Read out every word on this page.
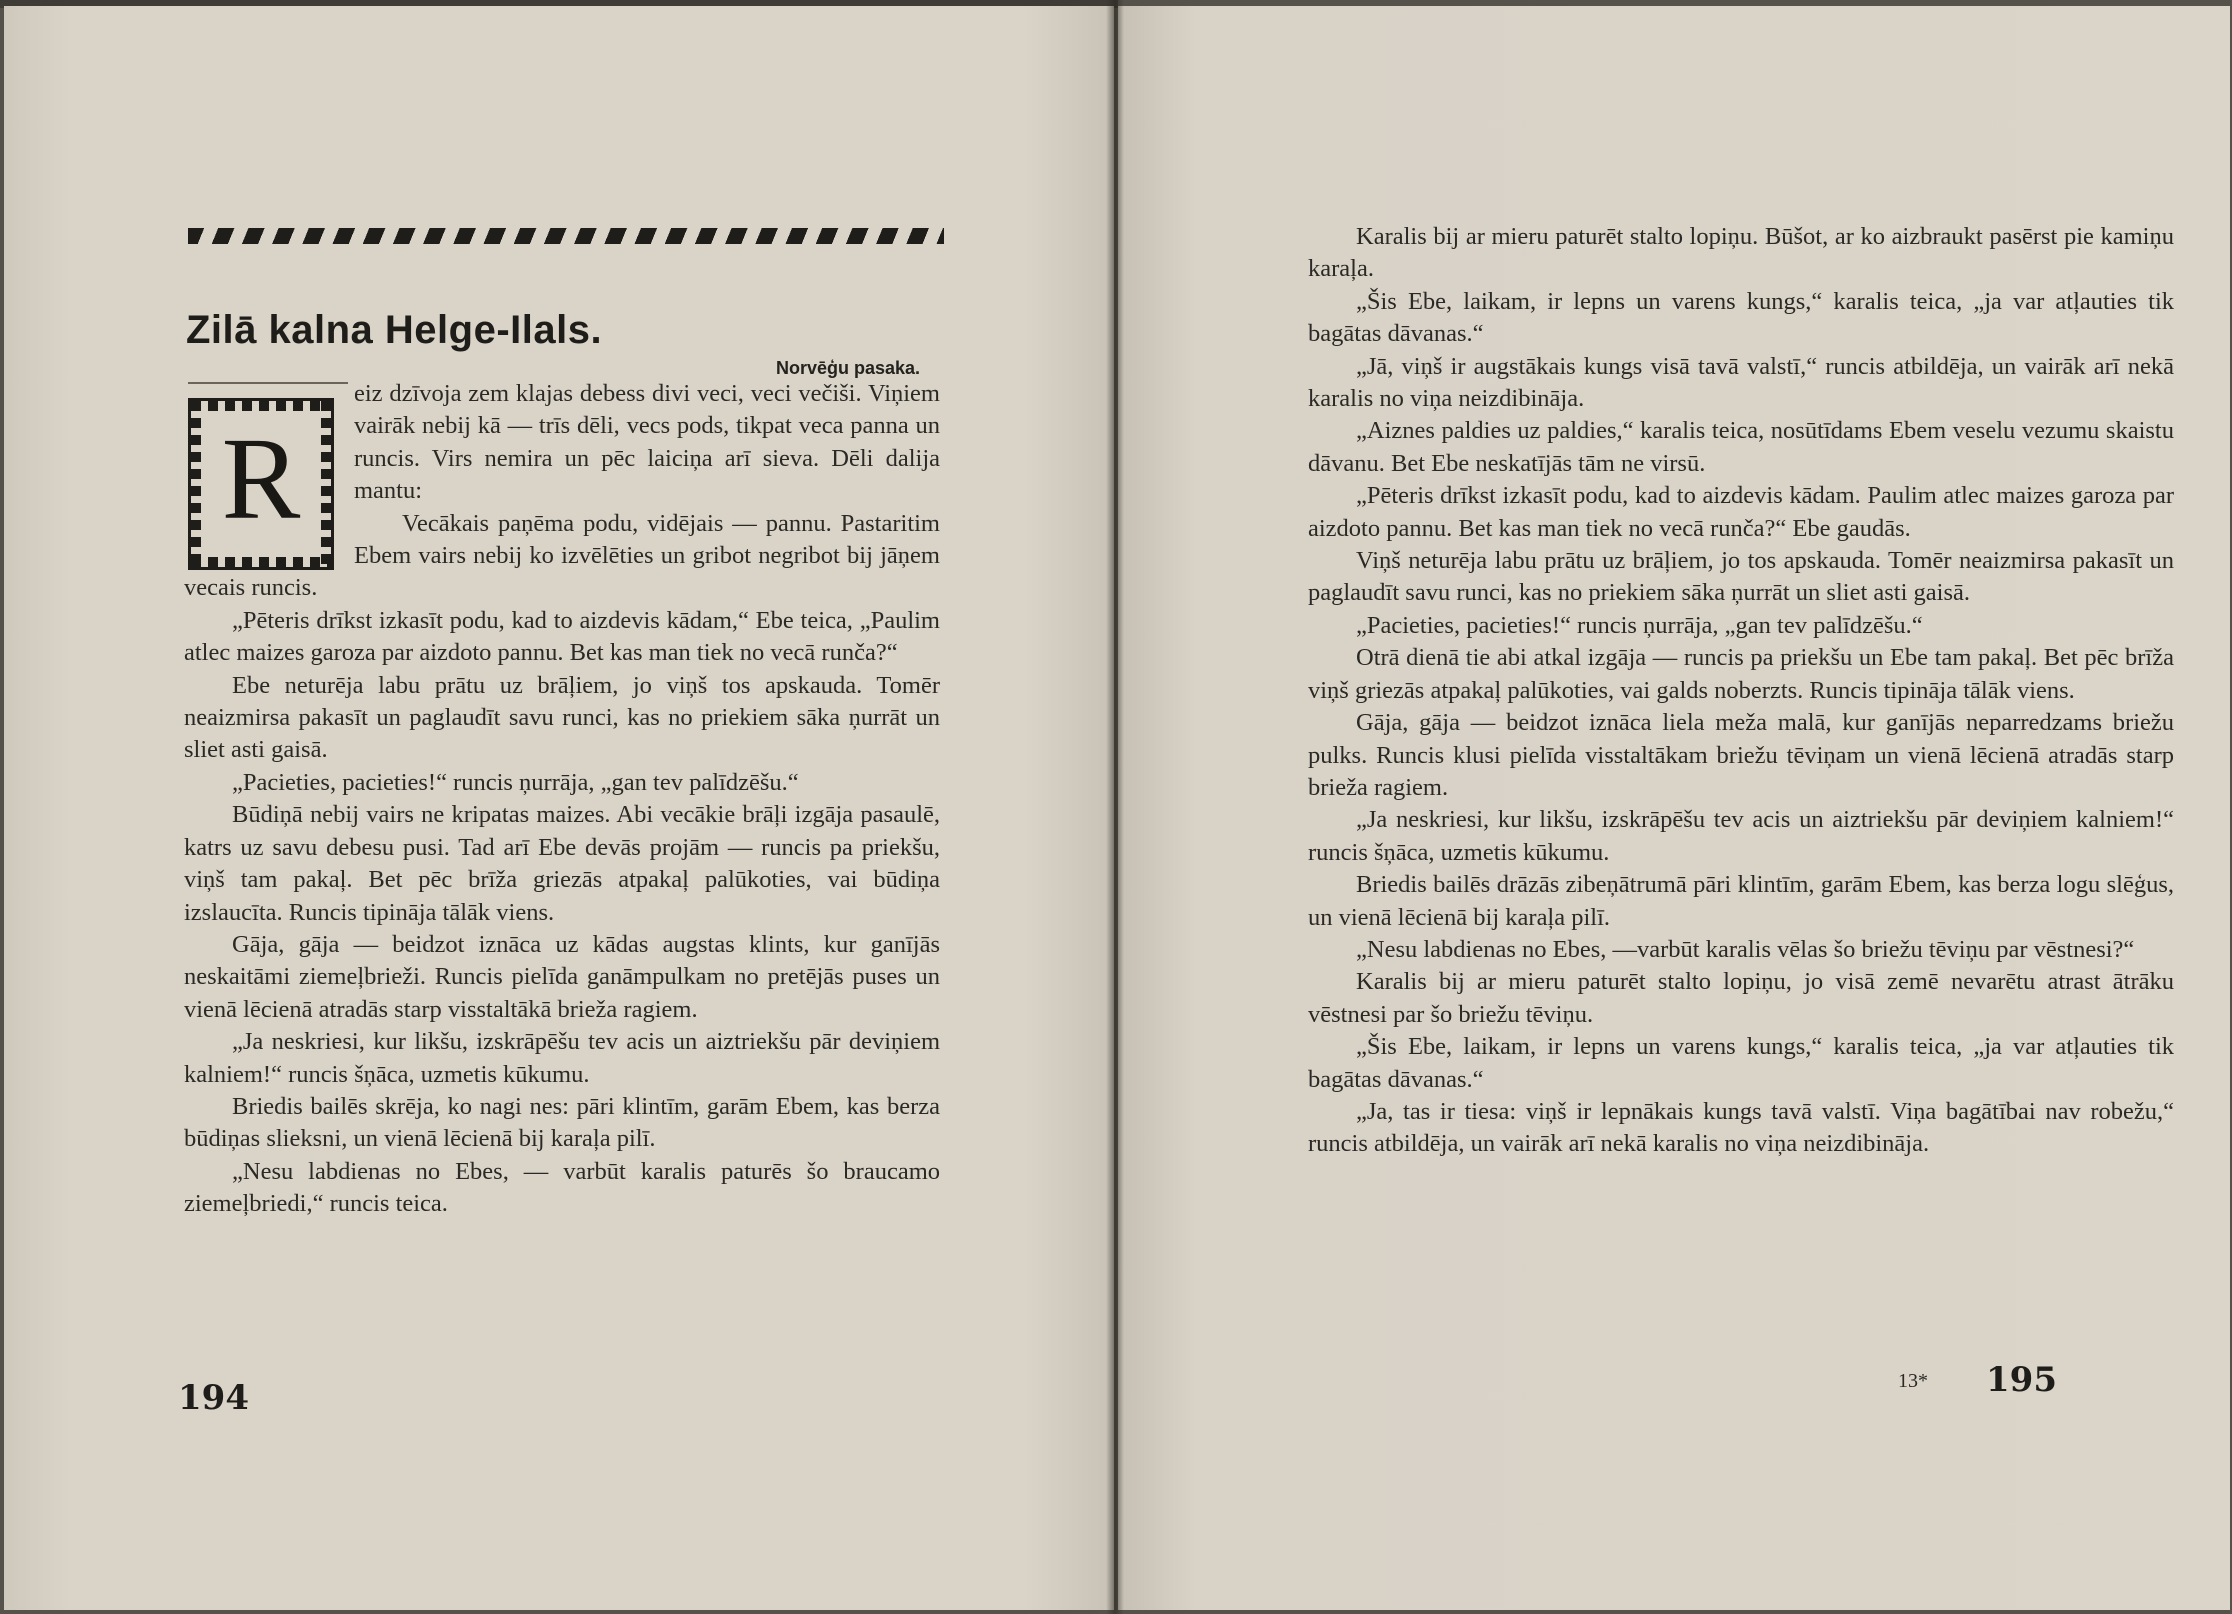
Zilā kalna Helge-Ilals.
Norvēģu pasaka.
R

eiz dzīvoja zem klajas debess divi veci, veci večiši. Viņiem vairāk nebij kā — trīs dēli, vecs pods, tikpat veca panna un runcis. Virs nemira un pēc laiciņa arī sieva. Dēli dalija mantu:

Vecākais paņēma podu, vidējais — pannu. Pastaritim Ebem vairs nebij ko izvēlēties un gribot negribot bij jāņem vecais runcis.

„Pēteris drīkst izkasīt podu, kad to aizdevis kādam,“ Ebe teica, „Paulim atlec maizes garoza par aizdoto pannu. Bet kas man tiek no vecā runča?“

Ebe neturēja labu prātu uz brāļiem, jo viņš tos apskauda. Tomēr neaizmirsa pakasīt un paglaudīt savu runci, kas no priekiem sāka ņurrāt un sliet asti gaisā.

„Pacieties, pacieties!“ runcis ņurrāja, „gan tev palīdzēšu.“

Būdiņā nebij vairs ne kripatas maizes. Abi vecākie brāļi izgāja pasaulē, katrs uz savu debesu pusi. Tad arī Ebe devās projām — runcis pa priekšu, viņš tam pakaļ. Bet pēc brīža griezās atpakaļ palūkoties, vai būdiņa izslaucīta. Runcis tipināja tālāk viens.

Gāja, gāja — beidzot iznāca uz kādas augstas klints, kur ganījās neskaitāmi ziemeļbrieži. Runcis pielīda ganāmpulkam no pretējās puses un vienā lēcienā atradās starp visstaltākā brieža ragiem.

„Ja neskriesi, kur likšu, izskrāpēšu tev acis un aiztriekšu pār deviņiem kalniem!“ runcis šņāca, uzmetis kūkumu.

Briedis bailēs skrēja, ko nagi nes: pāri klintīm, garām Ebem, kas berza būdiņas slieksni, un vienā lēcienā bij karaļa pilī.

„Nesu labdienas no Ebes, — varbūt karalis paturēs šo braucamo ziemeļbriedi,“ runcis teica.

194

Karalis bij ar mieru paturēt stalto lopiņu. Būšot, ar ko aizbraukt pasērst pie kamiņu karaļa.

„Šis Ebe, laikam, ir lepns un varens kungs,“ karalis teica, „ja var atļauties tik bagātas dāvanas.“

„Jā, viņš ir augstākais kungs visā tavā valstī,“ runcis atbildēja, un vairāk arī nekā karalis no viņa neizdibināja.

„Aiznes paldies uz paldies,“ karalis teica, nosūtīdams Ebem veselu vezumu skaistu dāvanu. Bet Ebe neskatījās tām ne virsū.

„Pēteris drīkst izkasīt podu, kad to aizdevis kādam. Paulim atlec maizes garoza par aizdoto pannu. Bet kas man tiek no vecā runča?“ Ebe gaudās.

Viņš neturēja labu prātu uz brāļiem, jo tos apskauda. Tomēr neaizmirsa pakasīt un paglaudīt savu runci, kas no priekiem sāka ņurrāt un sliet asti gaisā.

„Pacieties, pacieties!“ runcis ņurrāja, „gan tev palīdzēšu.“

Otrā dienā tie abi atkal izgāja — runcis pa priekšu un Ebe tam pakaļ. Bet pēc brīža viņš griezās atpakaļ palūkoties, vai galds noberzts. Runcis tipināja tālāk viens.

Gāja, gāja — beidzot iznāca liela meža malā, kur ganījās neparredzams briežu pulks. Runcis klusi pielīda visstaltākam briežu tēviņam un vienā lēcienā atradās starp brieža ragiem.

„Ja neskriesi, kur likšu, izskrāpēšu tev acis un aiztriekšu pār deviņiem kalniem!“ runcis šņāca, uzmetis kūkumu.

Briedis bailēs drāzās zibeņātrumā pāri klintīm, garām Ebem, kas berza logu slēģus, un vienā lēcienā bij karaļa pilī.

„Nesu labdienas no Ebes, —varbūt karalis vēlas šo briežu tēviņu par vēstnesi?“

Karalis bij ar mieru paturēt stalto lopiņu, jo visā zemē nevarētu atrast ātrāku vēstnesi par šo briežu tēviņu.

„Šis Ebe, laikam, ir lepns un varens kungs,“ karalis teica, „ja var atļauties tik bagātas dāvanas.“

„Ja, tas ir tiesa: viņš ir lepnākais kungs tavā valstī. Viņa bagātībai nav robežu,“ runcis atbildēja, un vairāk arī nekā karalis no viņa neizdibināja.

13* 195
